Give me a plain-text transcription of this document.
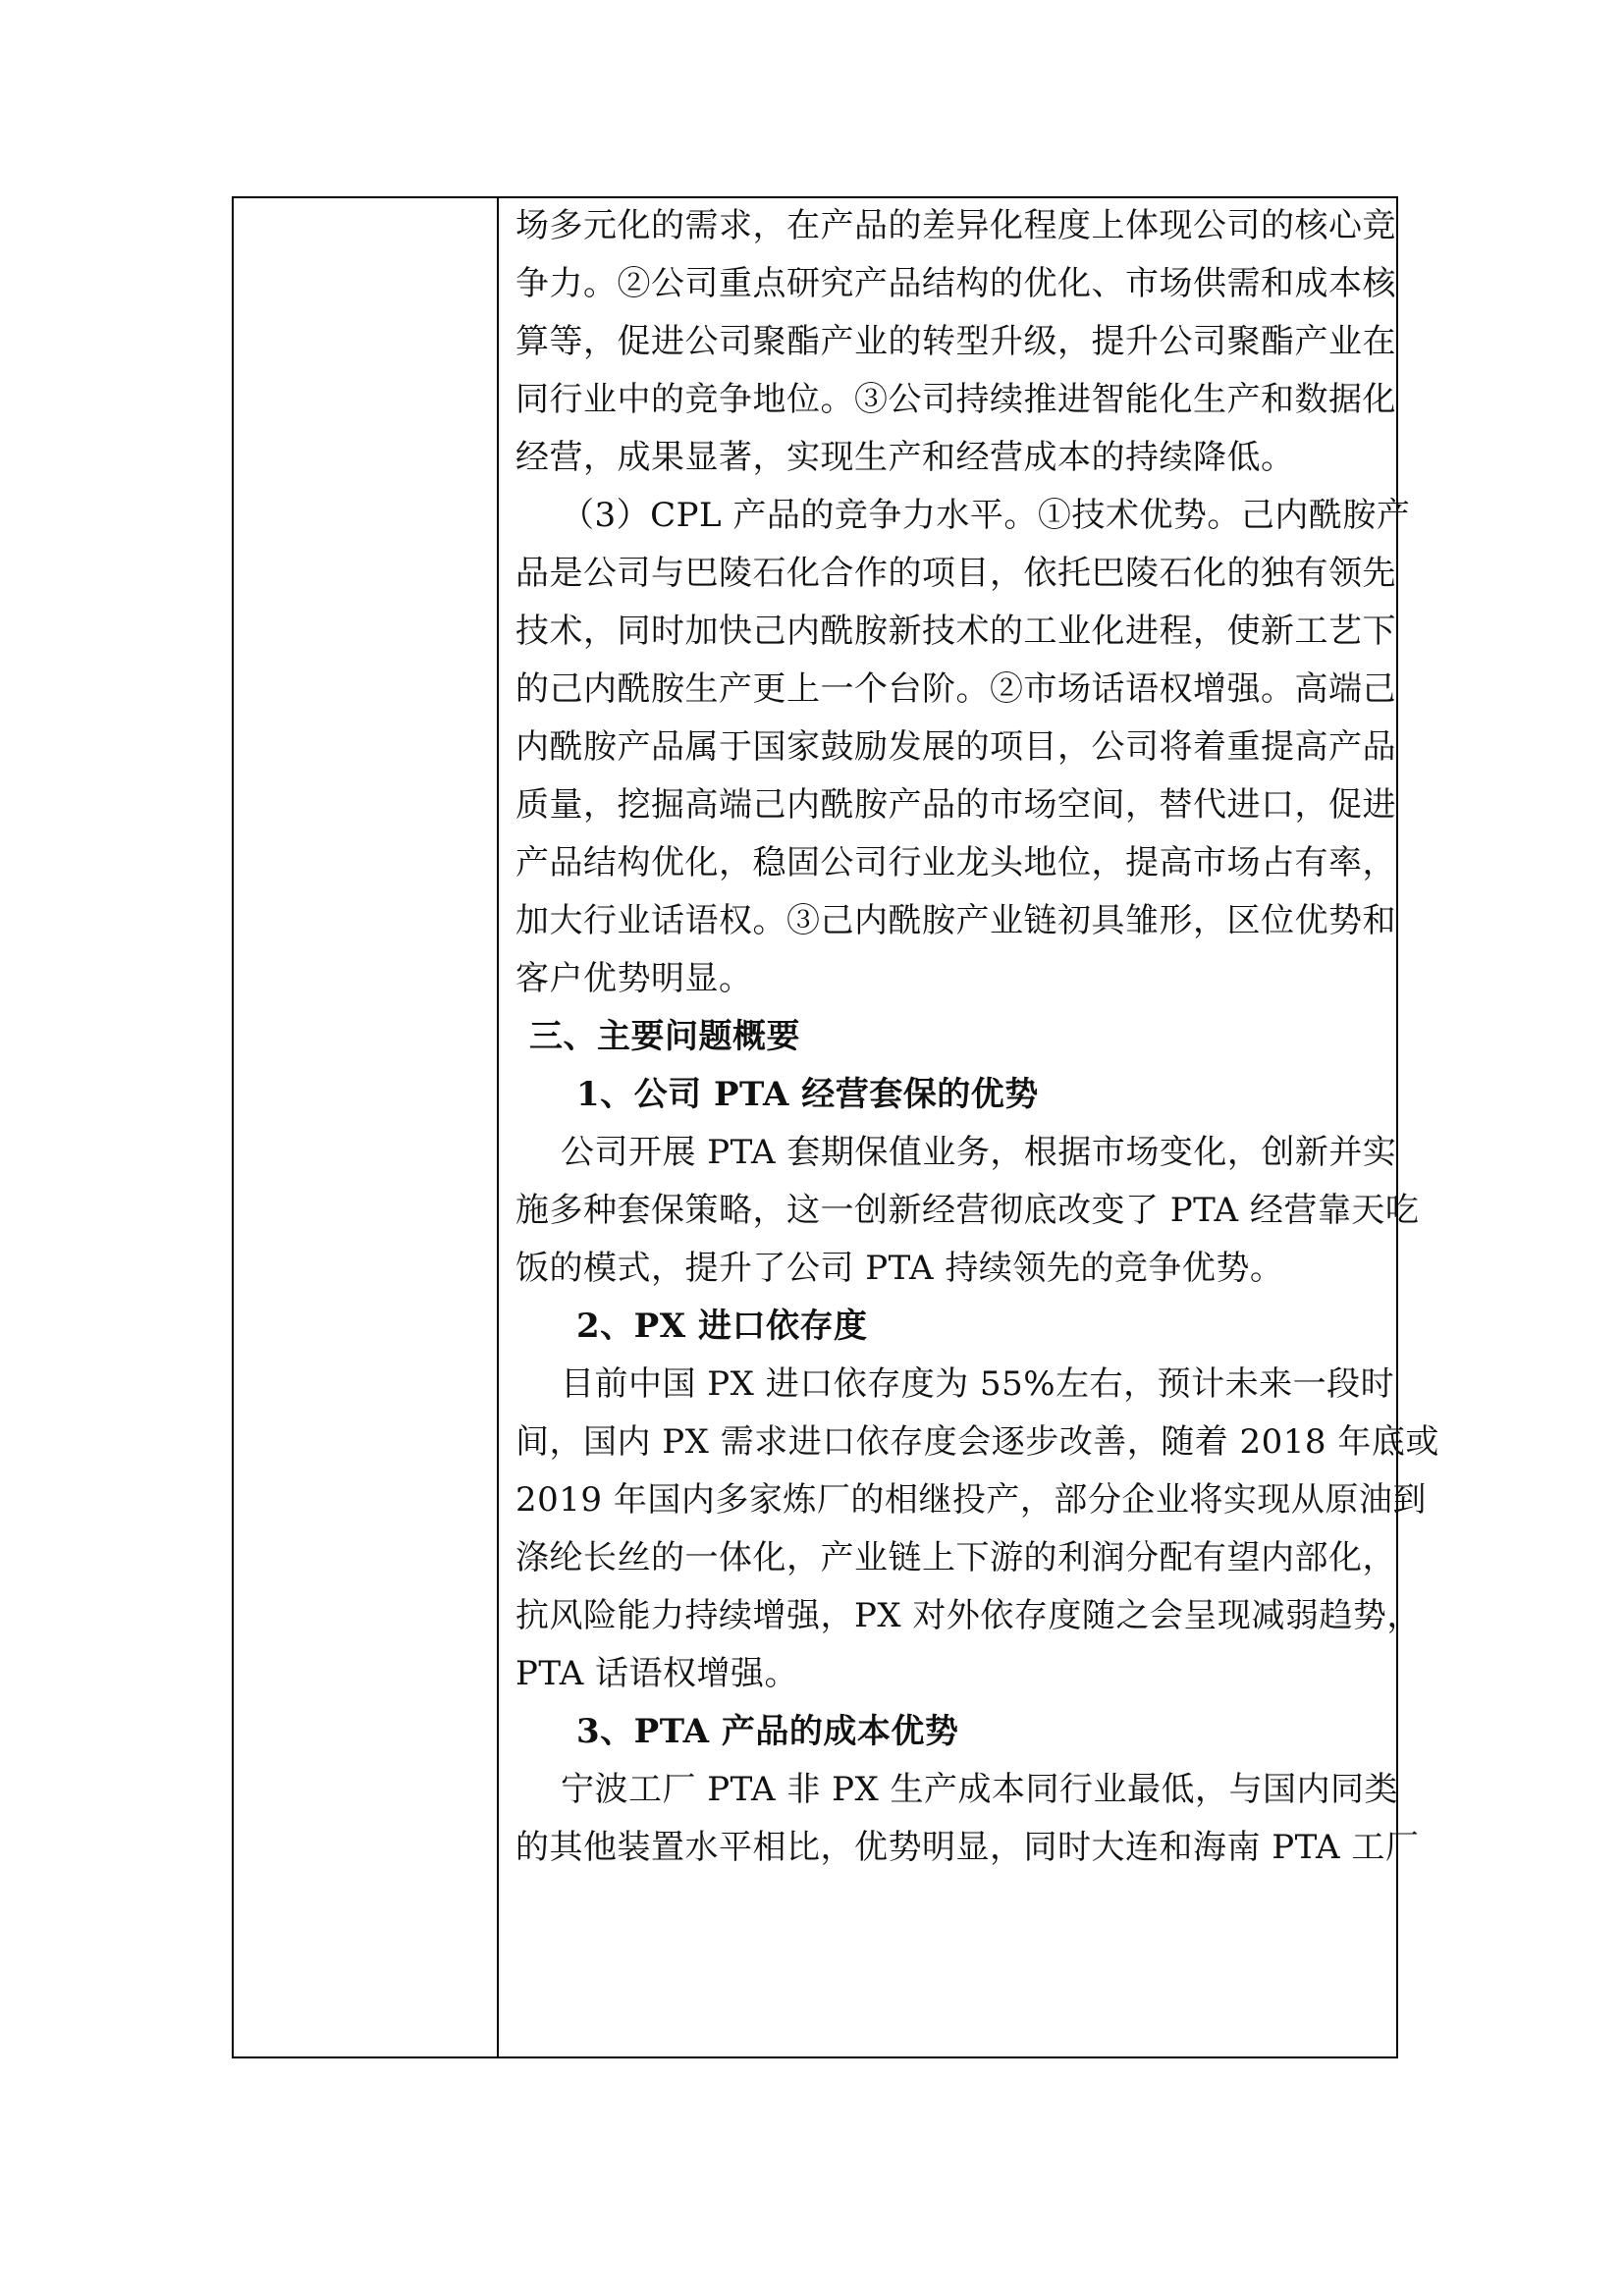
场多元化的需求，在产品的差异化程度上体现公司的核心竞
争力。②公司重点研究产品结构的优化、市场供需和成本核
算等，促进公司聚酯产业的转型升级，提升公司聚酯产业在
同行业中的竞争地位。③公司持续推进智能化生产和数据化
经营，成果显著，实现生产和经营成本的持续降低。
（3）CPL 产品的竞争力水平。①技术优势。己内酰胺产
品是公司与巴陵石化合作的项目，依托巴陵石化的独有领先
技术，同时加快己内酰胺新技术的工业化进程，使新工艺下
的己内酰胺生产更上一个台阶。②市场话语权增强。高端己
内酰胺产品属于国家鼓励发展的项目，公司将着重提高产品
质量，挖掘高端己内酰胺产品的市场空间，替代进口，促进
产品结构优化，稳固公司行业龙头地位，提高市场占有率，
加大行业话语权。③己内酰胺产业链初具雏形，区位优势和
客户优势明显。
三、主要问题概要
1、公司 PTA 经营套保的优势
公司开展 PTA 套期保值业务，根据市场变化，创新并实
施多种套保策略，这一创新经营彻底改变了 PTA 经营靠天吃
饭的模式，提升了公司 PTA 持续领先的竞争优势。
2、PX 进口依存度
目前中国 PX 进口依存度为 55%左右，预计未来一段时
间，国内 PX 需求进口依存度会逐步改善，随着 2018 年底或
2019 年国内多家炼厂的相继投产，部分企业将实现从原油到
涤纶长丝的一体化，产业链上下游的利润分配有望内部化，
抗风险能力持续增强，PX 对外依存度随之会呈现减弱趋势，
PTA 话语权增强。
3、PTA 产品的成本优势
宁波工厂 PTA 非 PX 生产成本同行业最低，与国内同类
的其他装置水平相比，优势明显，同时大连和海南 PTA 工厂
